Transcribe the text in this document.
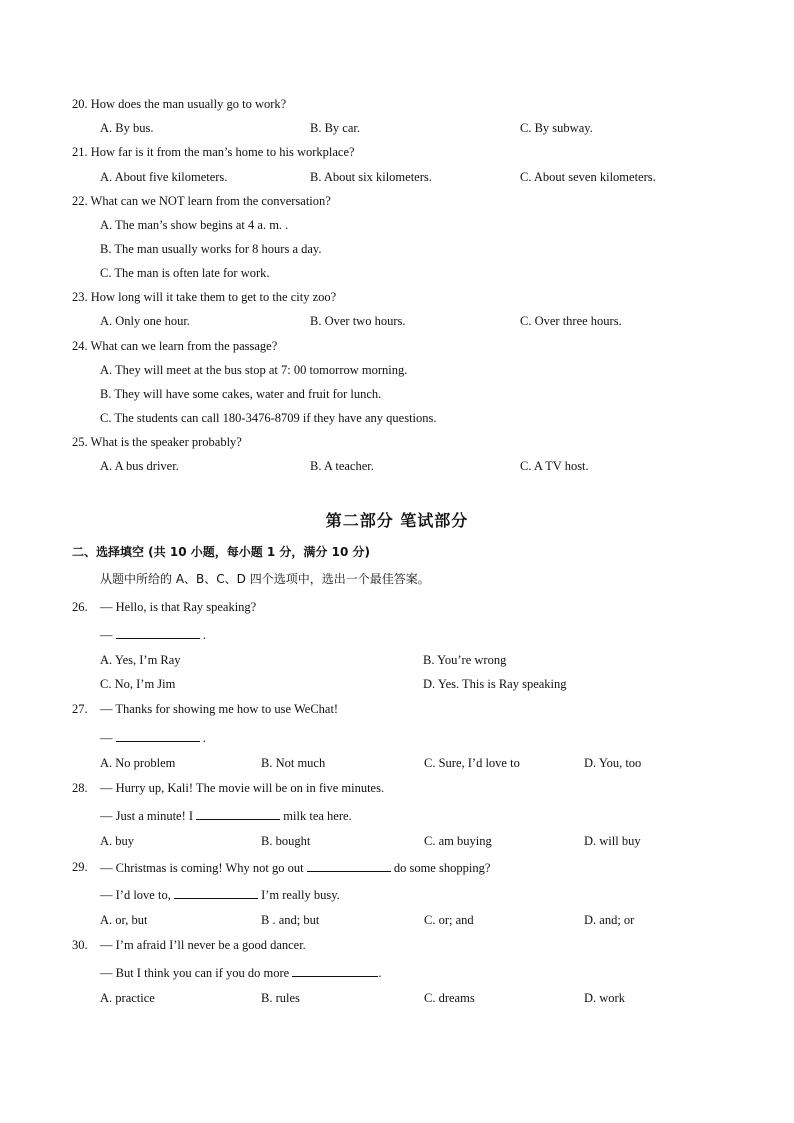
20. How does the man usually go to work?
A. By bus.	B. By car.	C. By subway.
21. How far is it from the man’s home to his workplace?
A. About five kilometers.	B. About six kilometers.	C. About seven kilometers.
22. What can we NOT learn from the conversation?
A. The man’s show begins at 4 a. m. .
B. The man usually works for 8 hours a day.
C. The man is often late for work.
23. How long will it take them to get to the city zoo?
A. Only one hour.	B. Over two hours.	C. Over three hours.
24. What can we learn from the passage?
A. They will meet at the bus stop at 7: 00 tomorrow morning.
B. They will have some cakes, water and fruit for lunch.
C. The students can call 180-3476-8709 if they have any questions.
25. What is the speaker probably?
A. A bus driver.	B. A teacher.	C. A TV host.
第二部分 笔试部分
二、选择填空 (共 10 小题，每小题 1 分，满分 10 分)
从题中所给的 A、B、C、D 四个选项中，选出一个最佳答案。
26. — Hello, is that Ray speaking?
—	.
A. Yes, I’m Ray	B. You’re wrong
C. No, I’m Jim	D. Yes. This is Ray speaking
27. — Thanks for showing me how to use WeChat!
—	.
A. No problem	B. Not much	C. Sure, I’d love to	D. You, too
28. — Hurry up, Kali! The movie will be on in five minutes.
— Just a minute! I	milk tea here.
A. buy	B. bought	C. am buying	D. will buy
29. — Christmas is coming! Why not go out	do some shopping?
— I’d love to,	I’m really busy.
A. or, but	B . and; but	C. or; and	D. and; or
30. — I’m afraid I’ll never be a good dancer.
— But I think you can if you do more	.
A. practice	B. rules	C. dreams	D. work
